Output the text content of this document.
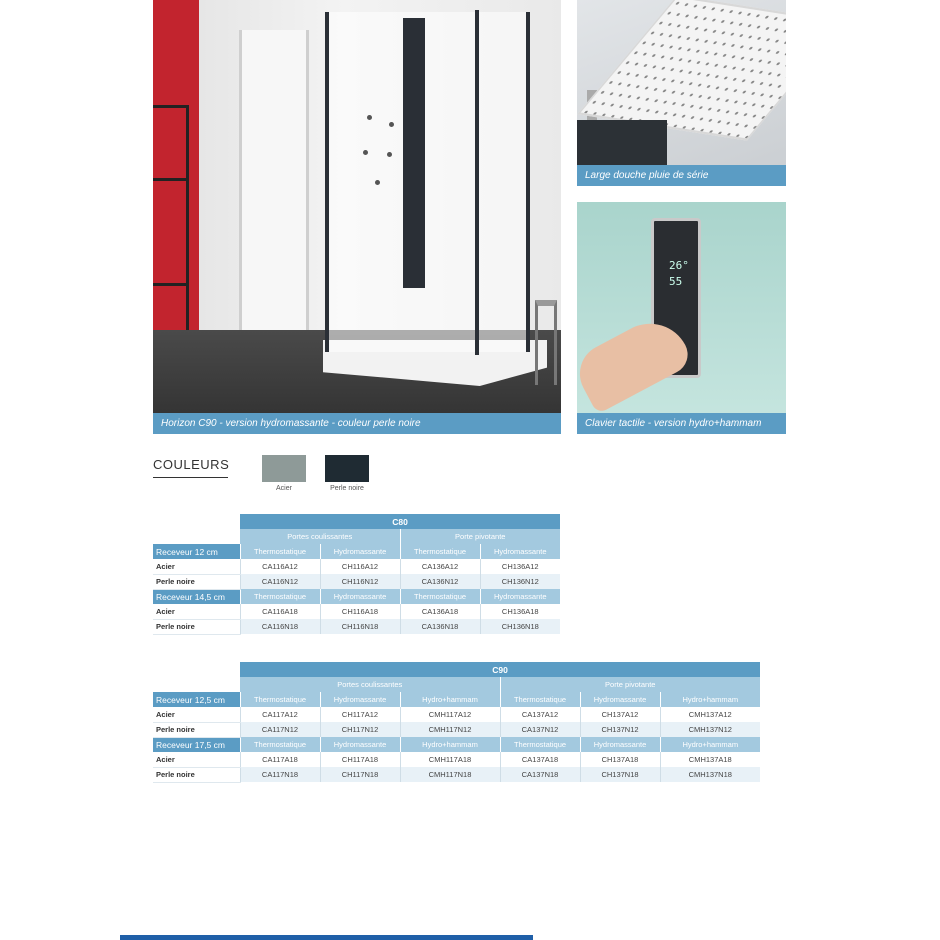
Horizon C90 - version hydromassante - couleur perle noire
Large douche pluie de série
26°
55
Clavier tactile - version hydro+hammam
COULEURS
Acier	Perle noire
	C80			
	Portes coulissantes		Porte pivotante	
Receveur 12 cm	Thermostatique	Hydromassante	Thermostatique	Hydromassante
Acier	CA116A12	CH116A12	CA136A12	CH136A12
Perle noire	CA116N12	CH116N12	CA136N12	CH136N12
Receveur 14,5 cm	Thermostatique	Hydromassante	Thermostatique	Hydromassante
Acier	CA116A18	CH116A18	CA136A18	CH136A18
Perle noire	CA116N18	CH116N18	CA136N18	CH136N18
	C90					
	Portes coulissantes			Porte pivotante		
Receveur 12,5 cm	Thermostatique	Hydromassante	Hydro+hammam	Thermostatique	Hydromassante	Hydro+hammam
Acier	CA117A12	CH117A12	CMH117A12	CA137A12	CH137A12	CMH137A12
Perle noire	CA117N12	CH117N12	CMH117N12	CA137N12	CH137N12	CMH137N12
Receveur 17,5 cm	Thermostatique	Hydromassante	Hydro+hammam	Thermostatique	Hydromassante	Hydro+hammam
Acier	CA117A18	CH117A18	CMH117A18	CA137A18	CH137A18	CMH137A18
Perle noire	CA117N18	CH117N18	CMH117N18	CA137N18	CH137N18	CMH137N18
